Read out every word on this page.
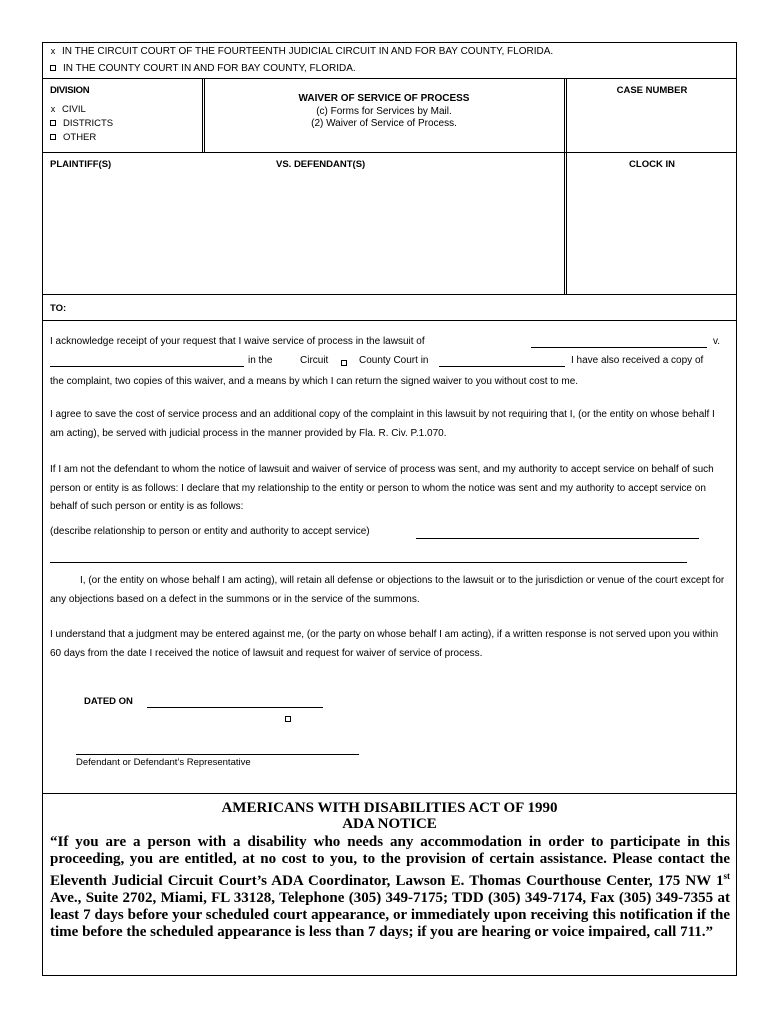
x IN THE CIRCUIT COURT OF THE FOURTEENTH JUDICIAL CIRCUIT IN AND FOR BAY COUNTY, FLORIDA.
IN THE COUNTY COURT IN AND FOR BAY COUNTY, FLORIDA.
DIVISION
x CIVIL
DISTRICTS
OTHER
WAIVER OF SERVICE OF PROCESS
(c) Forms for Services by Mail.
(2) Waiver of Service of Process.
CASE NUMBER
PLAINTIFF(S)	VS. DEFENDANT(S)	CLOCK IN
TO:
I acknowledge receipt of your request that I waive service of process in the lawsuit of	v.
in the	Circuit	County Court in	I have also received a copy of
the complaint, two copies of this waiver, and a means by which I can return the signed waiver to you without cost to me.

I agree to save the cost of service process and an additional copy of the complaint in this lawsuit by not requiring that I, (or the entity on whose behalf I am acting), be served with judicial process in the manner provided by Fla. R. Civ. P.1.070.

If I am not the defendant to whom the notice of lawsuit and waiver of service of process was sent, and my authority to accept service on behalf of such person or entity is as follows: I declare that my relationship to the entity or person to whom the notice was sent and my authority to accept service on behalf of such person or entity is as follows:

(describe relationship to person or entity and authority to accept service)

I, (or the entity on whose behalf I am acting), will retain all defense or objections to the lawsuit or to the jurisdiction or venue of the court except for any objections based on a defect in the summons or in the service of the summons.

I understand that a judgment may be entered against me, (or the party on whose behalf I am acting), if a written response is not served upon you within 60 days from the date I received the notice of lawsuit and request for waiver of service of process.

DATED ON
Defendant or Defendant’s Representative
AMERICANS WITH DISABILITIES ACT OF 1990
ADA NOTICE
“If you are a person with a disability who needs any accommodation in order to participate in this proceeding, you are entitled, at no cost to you, to the provision of certain assistance. Please contact the Eleventh Judicial Circuit Court’s ADA Coordinator, Lawson E. Thomas Courthouse Center, 175 NW 1st Ave., Suite 2702, Miami, FL 33128, Telephone (305) 349-7175; TDD (305) 349-7174, Fax (305) 349-7355 at least 7 days before your scheduled court appearance, or immediately upon receiving this notification if the time before the scheduled appearance is less than 7 days; if you are hearing or voice impaired, call 711.”
